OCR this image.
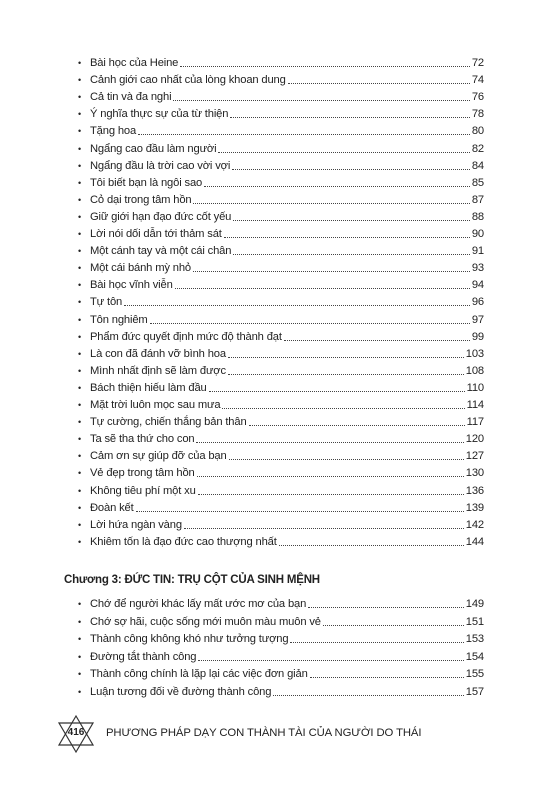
• Bài học của Heine	72
• Cảnh giới cao nhất của lòng khoan dung	74
• Cả tin và đa nghi	76
• Ý nghĩa thực sự của từ thiện	78
• Tặng hoa	80
• Ngẩng cao đầu làm người	82
• Ngẩng đầu là trời cao vời vợi	84
• Tôi biết bạn là ngôi sao	85
• Cỏ dại trong tâm hồn	87
• Giữ giới hạn đạo đức cốt yếu	88
• Lời nói dối dẫn tới thảm sát	90
• Một cánh tay và một cái chân	91
• Một cái bánh mỳ nhỏ	93
• Bài học vĩnh viễn	94
• Tự tôn	96
• Tôn nghiêm	97
• Phẩm đức quyết định mức độ thành đạt	99
• Là con đã đánh vỡ bình hoa	103
• Mình nhất định sẽ làm được	108
• Bách thiện hiếu làm đầu	110
• Mặt trời luôn mọc sau mưa	114
• Tự cường, chiến thắng bản thân	117
• Ta sẽ tha thứ cho con	120
• Cảm ơn sự giúp đỡ của bạn	127
• Vẻ đẹp trong tâm hồn	130
• Không tiêu phí một xu	136
• Đoàn kết	139
• Lời hứa ngàn vàng	142
• Khiêm tốn là đạo đức cao thượng nhất	144
Chương 3: ĐỨC TIN: TRỤ CỘT CỦA SINH MỆNH
• Chớ để người khác lấy mất ước mơ của bạn	149
• Chớ sợ hãi, cuộc sống mới muôn màu muôn vẻ	151
• Thành công không khó như tưởng tượng	153
• Đường tắt thành công	154
• Thành công chính là lặp lại các việc đơn giản	155
• Luận tương đối về đường thành công	157
416	PHƯƠNG PHÁP DẠY CON THÀNH TÀI CỦA NGƯỜI DO THÁI
